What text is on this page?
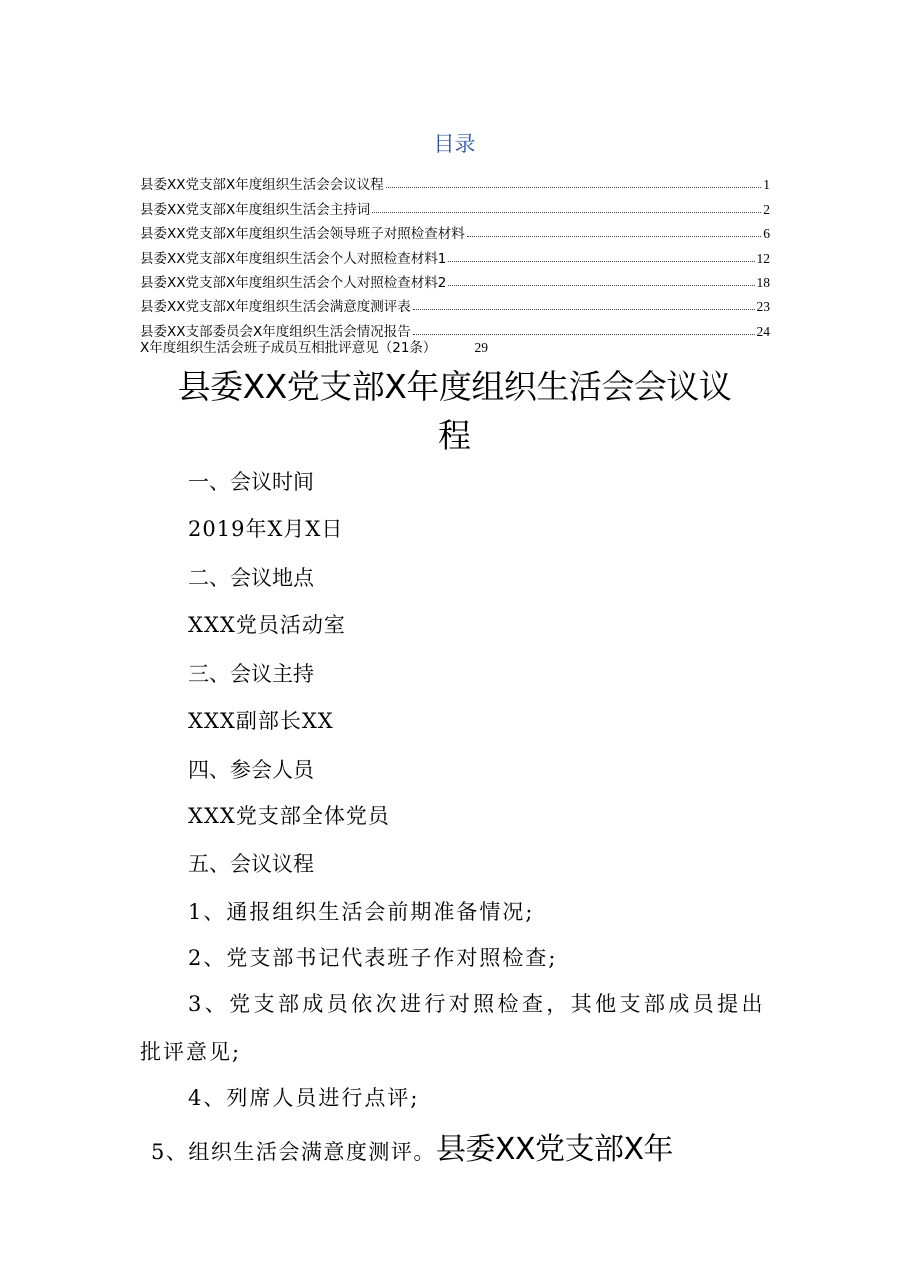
目录
县委XX党支部X年度组织生活会会议议程	1
县委XX党支部X年度组织生活会主持词	2
县委XX党支部X年度组织生活会领导班子对照检查材料	6
县委XX党支部X年度组织生活会个人对照检查材料1	12
县委XX党支部X年度组织生活会个人对照检查材料2	18
县委XX党支部X年度组织生活会满意度测评表	23
县委XX支部委员会X年度组织生活会情况报告	24
X年度组织生活会班子成员互相批评意见（21条）	29
县委XX党支部X年度组织生活会会议议
程
一、会议时间
2019年X月X日
二、会议地点
XXX党员活动室
三、会议主持
XXX副部长XX
四、参会人员
XXX党支部全体党员
五、会议议程
1、通报组织生活会前期准备情况;
2、党支部书记代表班子作对照检查;
3、党支部成员依次进行对照检查，其他支部成员提出
批评意见;
4、列席人员进行点评;
5、组织生活会满意度测评。县委XX党支部X年
